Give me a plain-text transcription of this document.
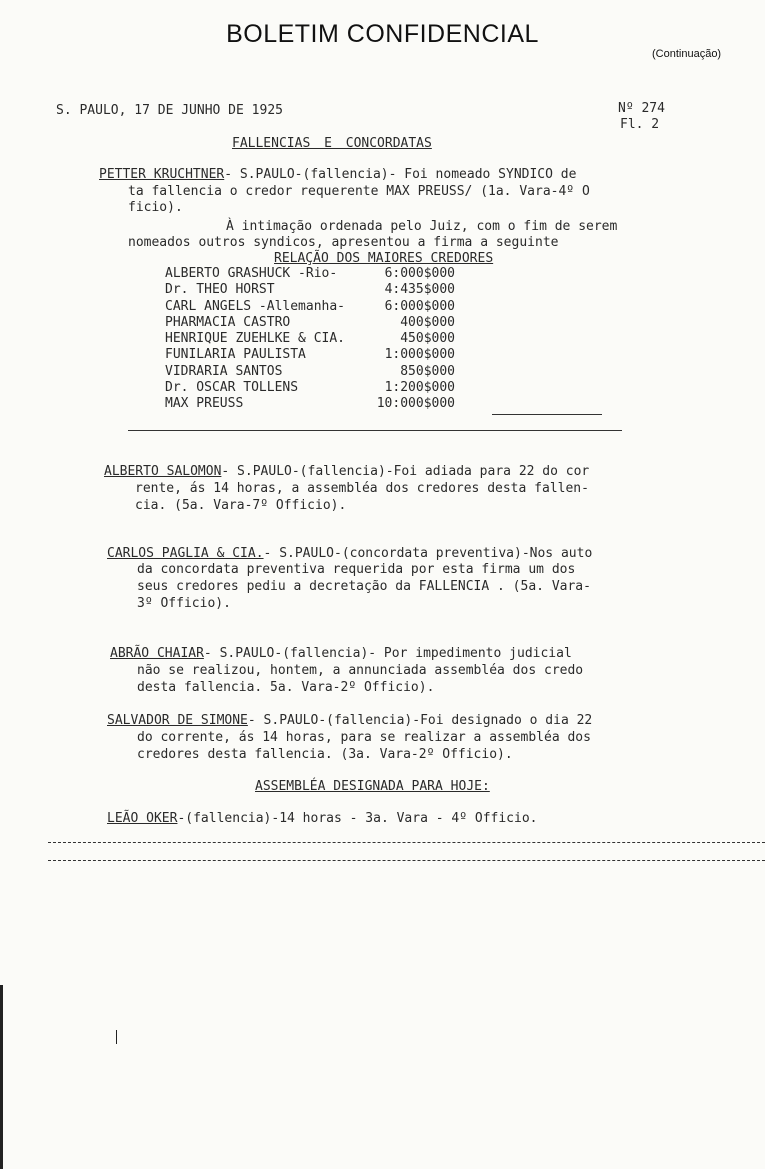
BOLETIM CONFIDENCIAL
(Continuação)
S. PAULO, 17 DE JUNHO DE 1925	Nº 274
Fl. 2
FALLENCIAS E CONCORDATAS
PETTER KRUCHTNER- S.PAULO-(fallencia)- Foi nomeado SYNDICO de
ta fallencia o credor requerente MAX PREUSS/ (1a. Vara-4º O
ficio).
À intimação ordenada pelo Juiz, com o fim de serem
nomeados outros syndicos, apresentou a firma a seguinte
RELAÇÃO DOS MAIORES CREDORES
ALBERTO GRASHUCK -Rio-	6:000$000
Dr. THEO HORST	4:435$000
CARL ANGELS -Allemanha-	6:000$000
PHARMACIA CASTRO	400$000
HENRIQUE ZUEHLKE & CIA.	450$000
FUNILARIA PAULISTA	1:000$000
VIDRARIA SANTOS	850$000
Dr. OSCAR TOLLENS	1:200$000
MAX PREUSS	10:000$000
ALBERTO SALOMON- S.PAULO-(fallencia)-Foi adiada para 22 do cor
rente, ás 14 horas, a assembléa dos credores desta fallen-
cia. (5a. Vara-7º Officio).
CARLOS PAGLIA & CIA.- S.PAULO-(concordata preventiva)-Nos auto
da concordata preventiva requerida por esta firma um dos
seus credores pediu a decretação da FALLENCIA . (5a. Vara-
3º Officio).
ABRÃO CHAIAR- S.PAULO-(fallencia)- Por impedimento judicial
não se realizou, hontem, a annunciada assembléa dos credo
desta fallencia. 5a. Vara-2º Officio).
SALVADOR DE SIMONE- S.PAULO-(fallencia)-Foi designado o dia 22
do corrente, ás 14 horas, para se realizar a assembléa dos
credores desta fallencia. (3a. Vara-2º Officio).
ASSEMBLÉA DESIGNADA PARA HOJE:
LEÃO OKER-(fallencia)-14 horas - 3a. Vara - 4º Officio.
